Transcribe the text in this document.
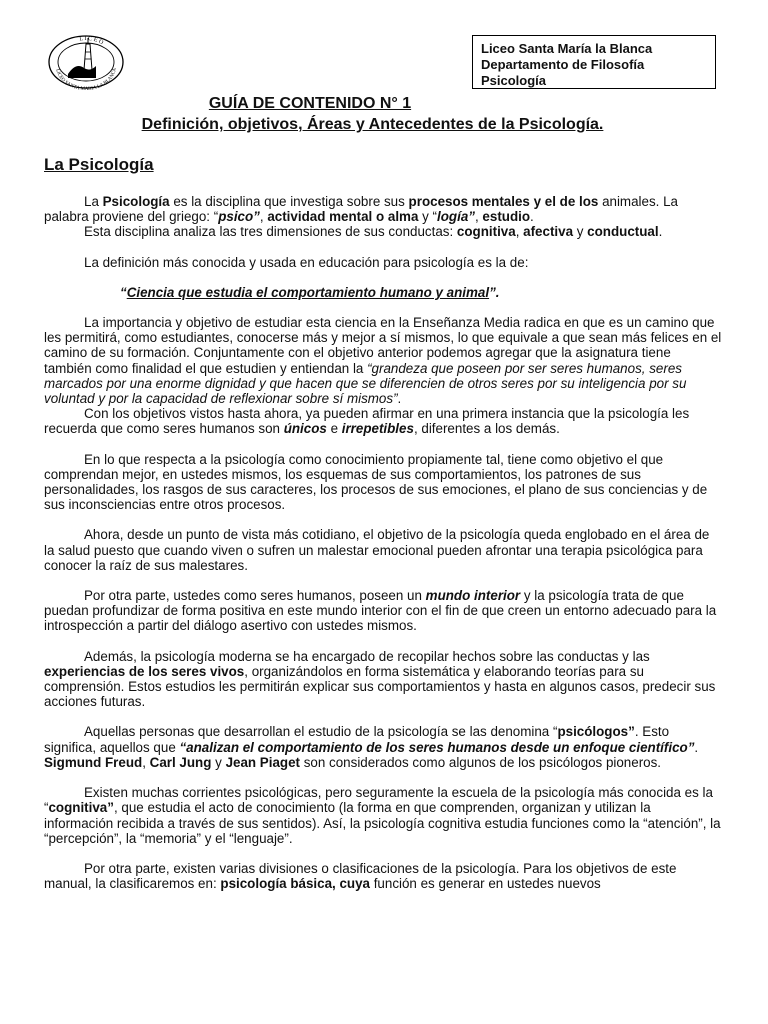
L I C E O
LICEO SANTA MARIA LA BLANCA
Liceo Santa María la Blanca
Departamento de Filosofía
Psicología
GUÍA DE CONTENIDO N° 1
Definición, objetivos, Áreas y Antecedentes de la Psicología.
La Psicología

La Psicología es la disciplina que investiga sobre sus procesos mentales y el de los animales. La palabra proviene del griego: “psico”, actividad mental o alma y “logía”, estudio.

Esta disciplina analiza las tres dimensiones de sus conductas: cognitiva, afectiva y conductual.

La definición más conocida y usada en educación para psicología es la de:

“Ciencia que estudia el comportamiento humano y animal”.

La importancia y objetivo de estudiar esta ciencia en la Enseñanza Media radica en que es un camino que les permitirá, como estudiantes, conocerse más y mejor a sí mismos, lo que equivale a que sean más felices en el camino de su formación. Conjuntamente con el objetivo anterior podemos agregar que la asignatura tiene también como finalidad el que estudien y entiendan la “grandeza que poseen por ser seres humanos, seres marcados por una enorme dignidad y que hacen que se diferencien de otros seres por su inteligencia por su voluntad y por la capacidad de reflexionar sobre sí mismos”.

Con los objetivos vistos hasta ahora, ya pueden afirmar en una primera instancia que la psicología les recuerda que como seres humanos son únicos e irrepetibles, diferentes a los demás.

En lo que respecta a la psicología como conocimiento propiamente tal, tiene como objetivo el que comprendan mejor, en ustedes mismos, los esquemas de sus comportamientos, los patrones de sus personalidades, los rasgos de sus caracteres, los procesos de sus emociones, el plano de sus conciencias y de sus inconsciencias entre otros procesos.

Ahora, desde un punto de vista más cotidiano, el objetivo de la psicología queda englobado en el área de la salud puesto que cuando viven o sufren un malestar emocional pueden afrontar una terapia psicológica para conocer la raíz de sus malestares.

Por otra parte, ustedes como seres humanos, poseen un mundo interior y la psicología trata de que puedan profundizar de forma positiva en este mundo interior con el fin de que creen un entorno adecuado para la introspección a partir del diálogo asertivo con ustedes mismos.

Además, la psicología moderna se ha encargado de recopilar hechos sobre las conductas y las experiencias de los seres vivos, organizándolos en forma sistemática y elaborando teorías para su comprensión. Estos estudios les permitirán explicar sus comportamientos y hasta en algunos casos, predecir sus acciones futuras.

Aquellas personas que desarrollan el estudio de la psicología se las denomina “psicólogos”. Esto significa, aquellos que “analizan el comportamiento de los seres humanos desde un enfoque científico”. Sigmund Freud, Carl Jung y Jean Piaget son considerados como algunos de los psicólogos pioneros.

Existen muchas corrientes psicológicas, pero seguramente la escuela de la psicología más conocida es la “cognitiva”, que estudia el acto de conocimiento (la forma en que comprenden, organizan y utilizan la información recibida a través de sus sentidos). Así, la psicología cognitiva estudia funciones como la “atención”, la “percepción”, la “memoria” y el “lenguaje”.

Por otra parte, existen varias divisiones o clasificaciones de la psicología. Para los objetivos de este manual, la clasificaremos en: psicología básica, cuya función es generar en ustedes nuevos
